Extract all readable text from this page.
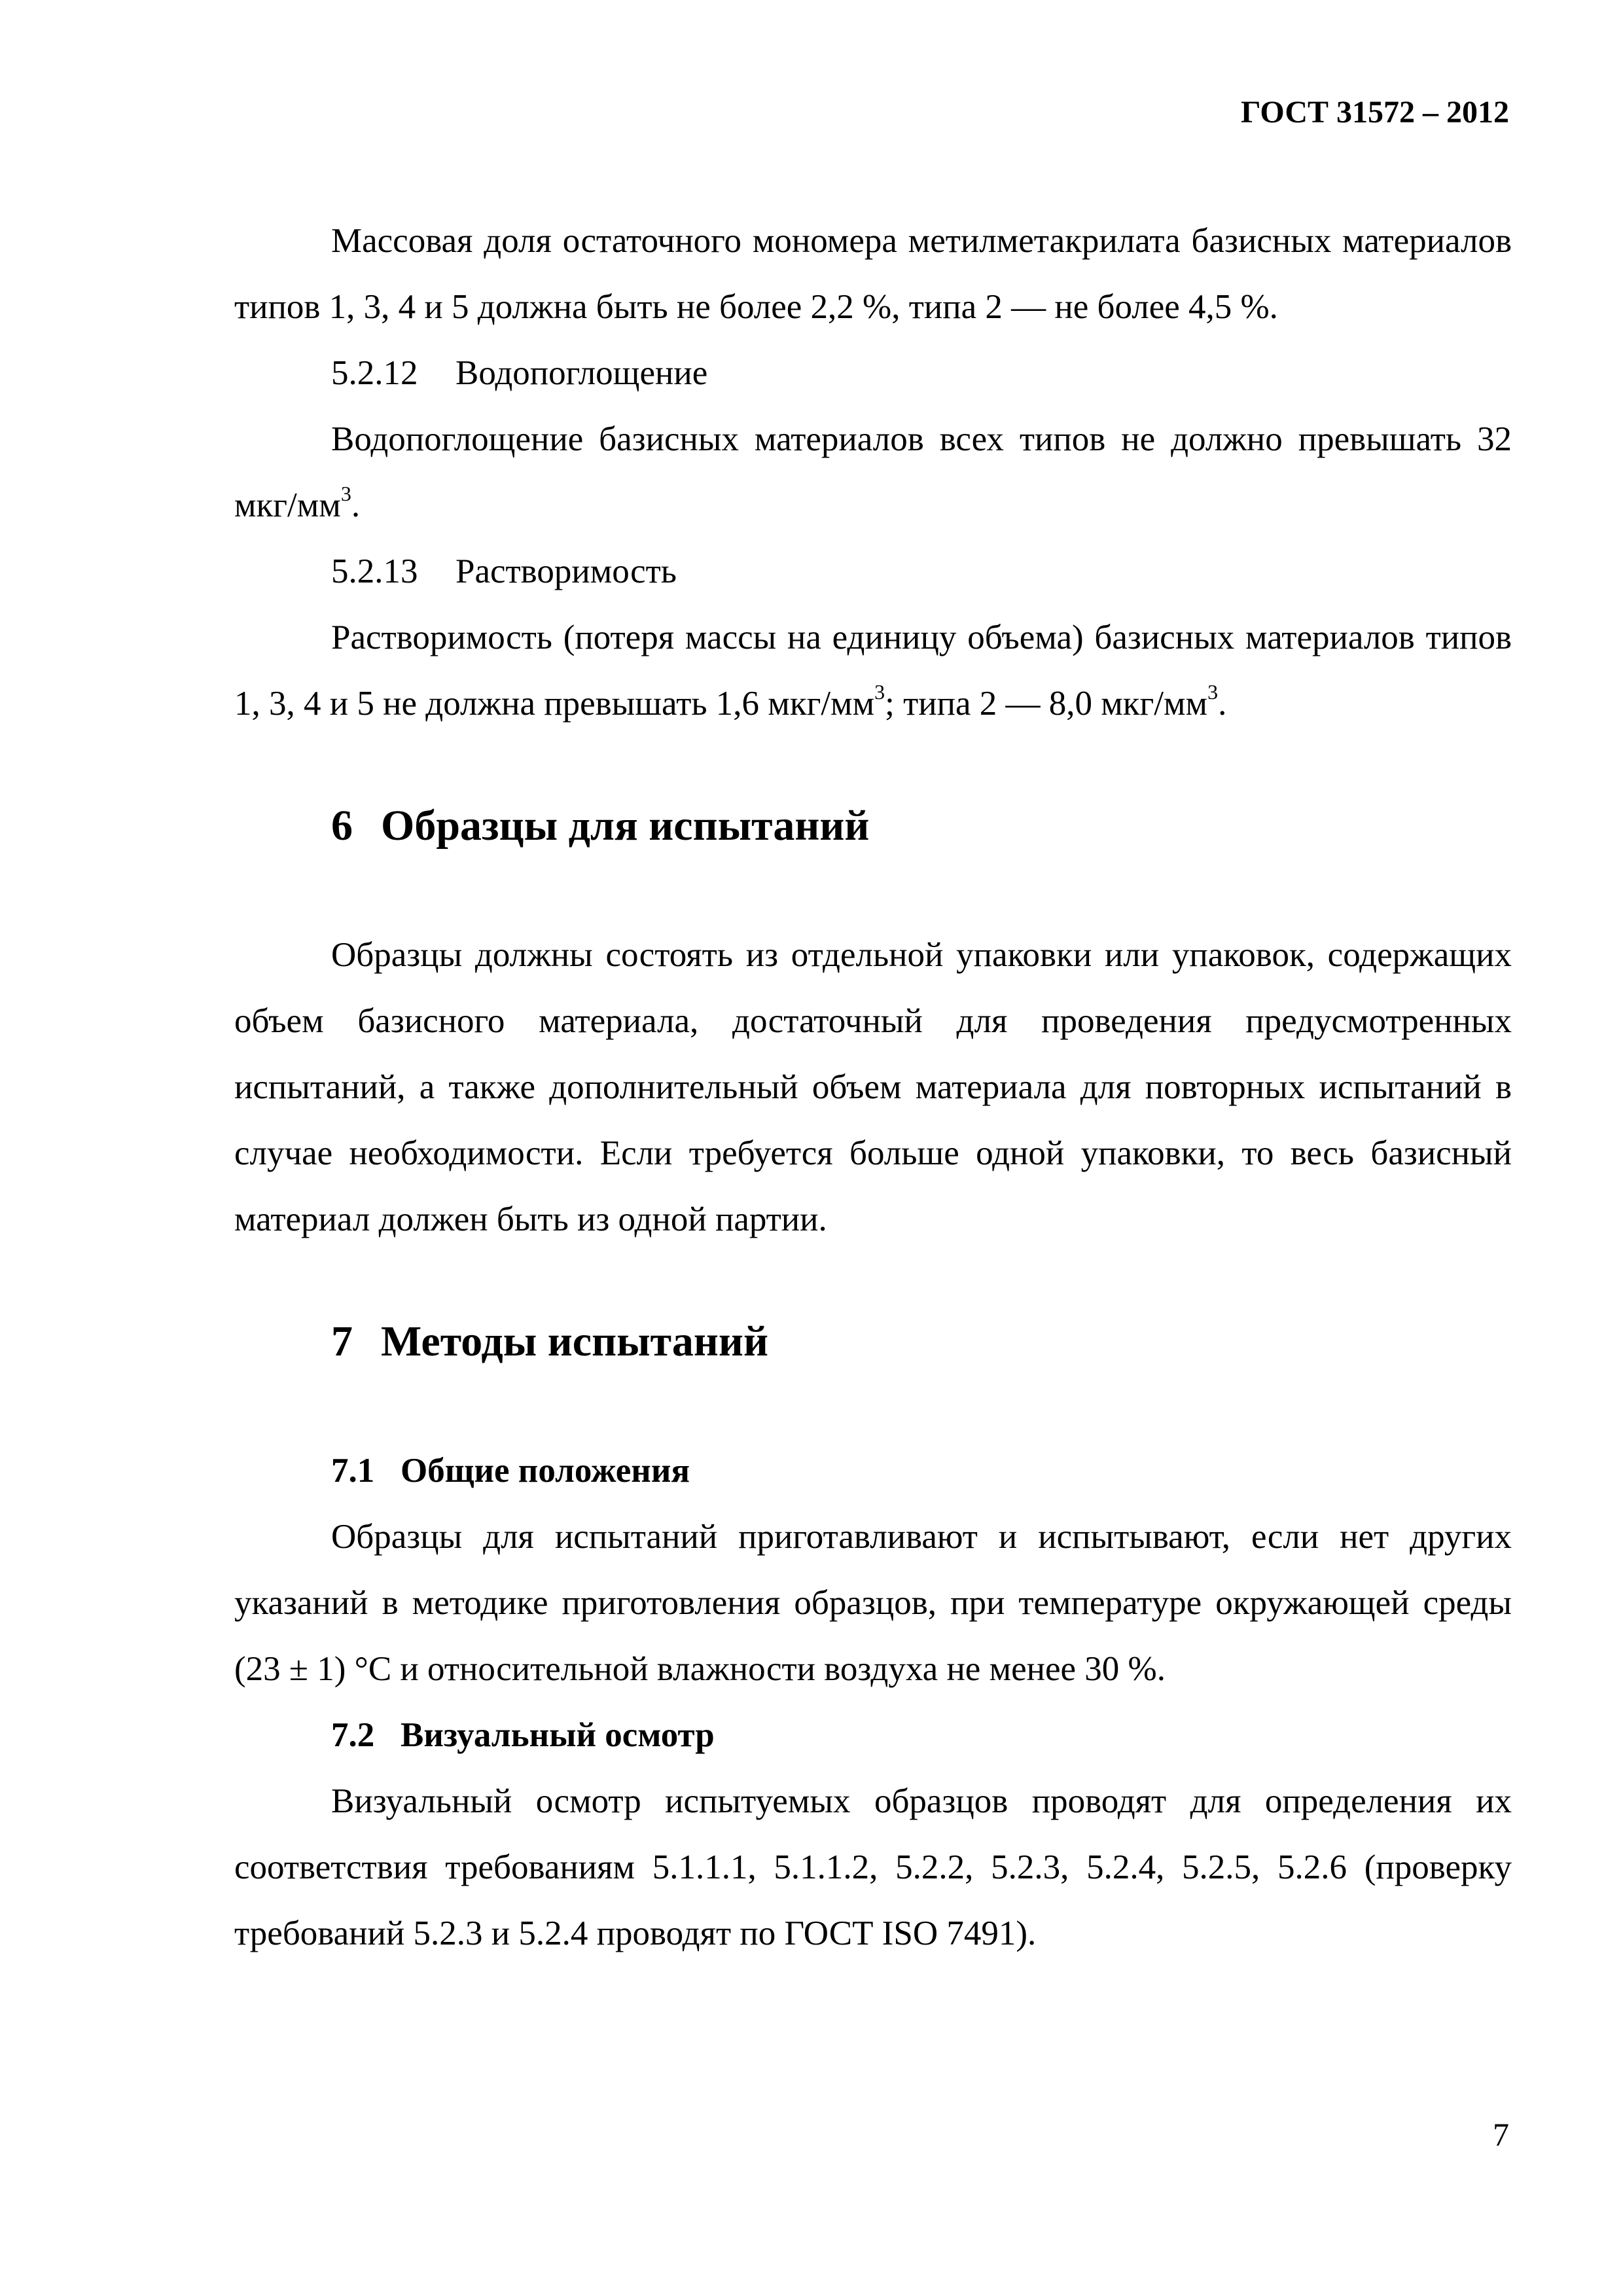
ГОСТ 31572 – 2012

Массовая доля остаточного мономера метилметакрилата базисных материалов типов 1, 3, 4 и 5 должна быть не более 2,2 %, типа 2 — не более 4,5 %.

5.2.12 Водопоглощение

Водопоглощение базисных материалов всех типов не должно превышать 32 мкг/$мм^3$.

5.2.13 Растворимость

Растворимость (потеря массы на единицу объема) базисных материалов типов 1, 3, 4 и 5 не должна превышать 1,6 мкг/$мм^3$; типа 2 — 8,0 мкг/$мм^3$.

6 Образцы для испытаний

Образцы должны состоять из отдельной упаковки или упаковок, содержащих объем базисного материала, достаточный для проведения предусмотренных испытаний, а также дополнительный объем материала для повторных испытаний в случае необходимости. Если требуется больше одной упаковки, то весь базисный материал должен быть из одной партии.

7 Методы испытаний

7.1 Общие положения

Образцы для испытаний приготавливают и испытывают, если нет других указаний в методике приготовления образцов, при температуре окружающей среды (23 ± 1) °С и относительной влажности воздуха не менее 30 %.

7.2 Визуальный осмотр

Визуальный осмотр испытуемых образцов проводят для определения их соответствия требованиям 5.1.1.1, 5.1.1.2, 5.2.2, 5.2.3, 5.2.4, 5.2.5, 5.2.6 (проверку требований 5.2.3 и 5.2.4 проводят по ГОСТ ISO 7491).

7
